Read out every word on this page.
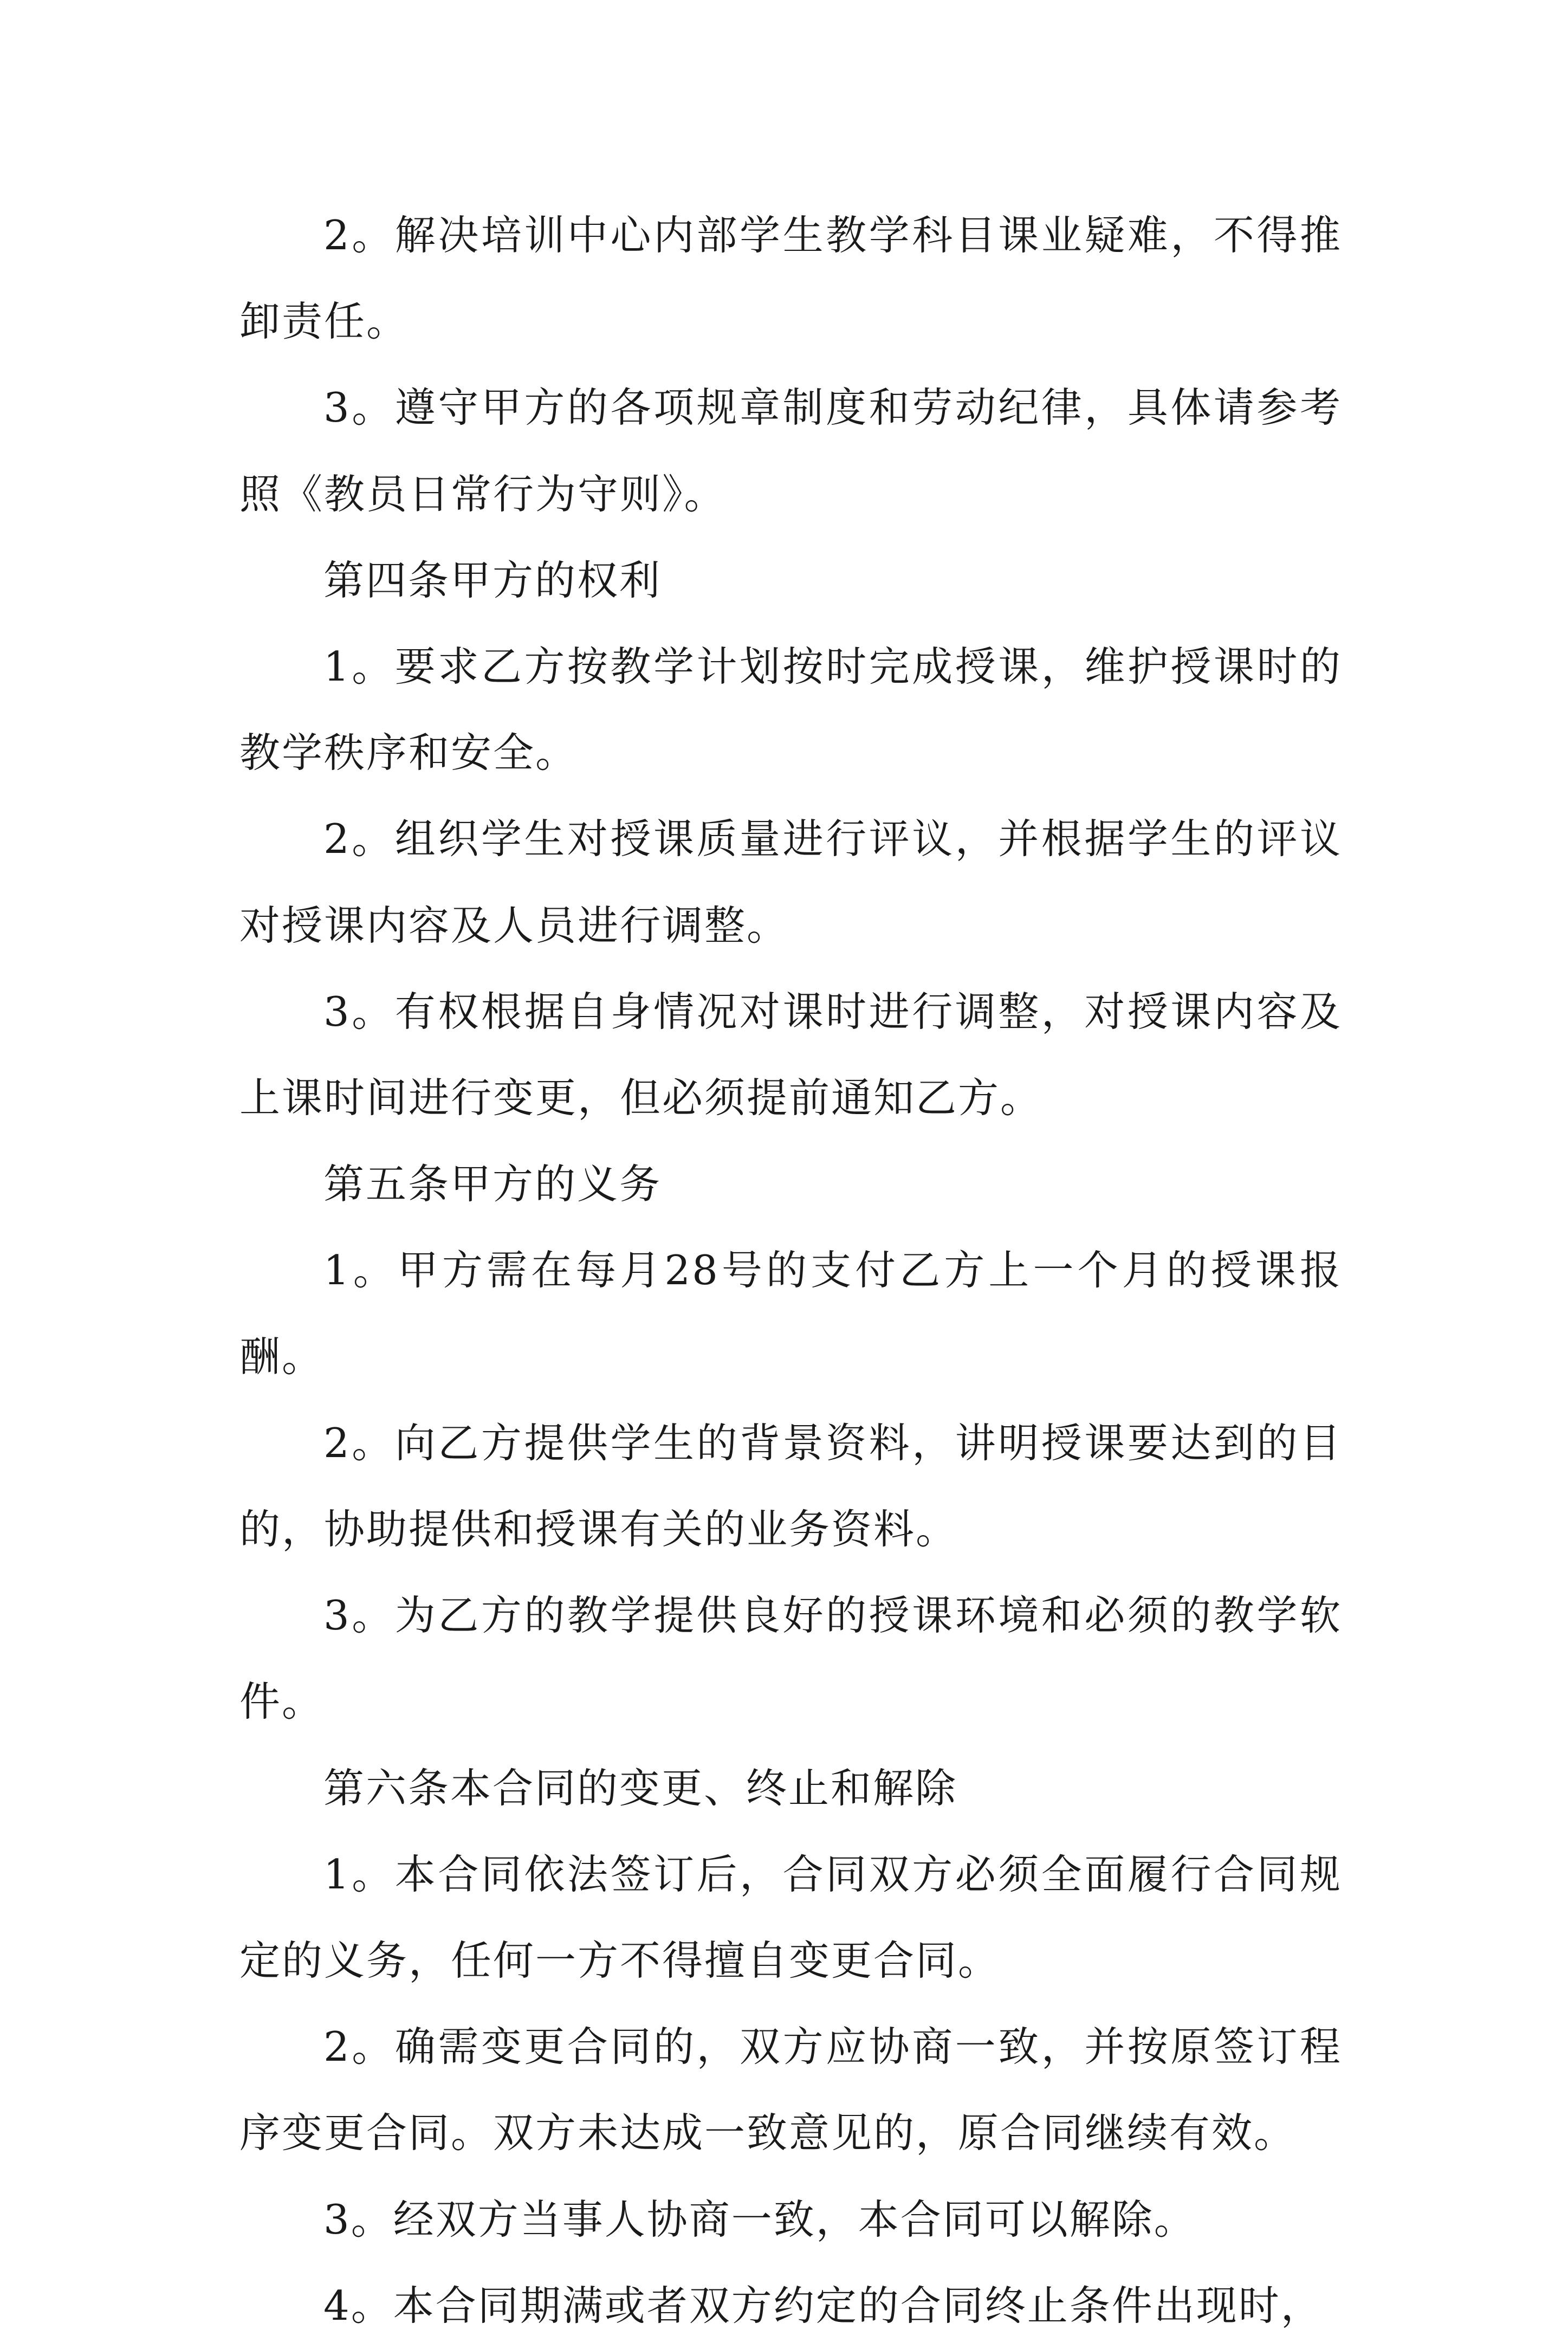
2。解决培训中心内部学生教学科目课业疑难，不得推卸责任。

3。遵守甲方的各项规章制度和劳动纪律，具体请参考照《教员日常行为守则》。

第四条甲方的权利

1。要求乙方按教学计划按时完成授课，维护授课时的教学秩序和安全。

2。组织学生对授课质量进行评议，并根据学生的评议对授课内容及人员进行调整。

3。有权根据自身情况对课时进行调整，对授课内容及上课时间进行变更，但必须提前通知乙方。

第五条甲方的义务

1。甲方需在每月28号的支付乙方上一个月的授课报酬。

2。向乙方提供学生的背景资料，讲明授课要达到的目的，协助提供和授课有关的业务资料。

3。为乙方的教学提供良好的授课环境和必须的教学软件。

第六条本合同的变更、终止和解除

1。本合同依法签订后，合同双方必须全面履行合同规定的义务，任何一方不得擅自变更合同。

2。确需变更合同的，双方应协商一致，并按原签订程序变更合同。双方未达成一致意见的，原合同继续有效。

3。经双方当事人协商一致，本合同可以解除。

4。本合同期满或者双方约定的合同终止条件出现时，
